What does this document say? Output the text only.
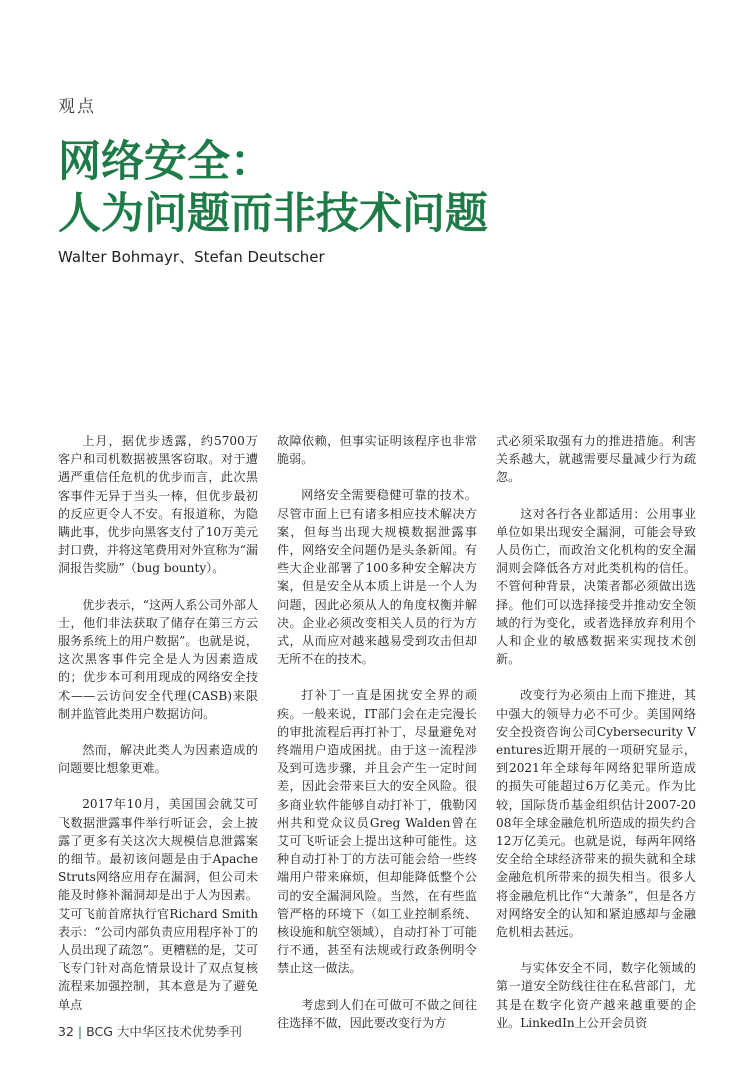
观点
网络安全：
人为问题而非技术问题
Walter Bohmayr、Stefan Deutscher

上月，据优步透露，约5700万客户和司机数据被黑客窃取。对于遭遇严重信任危机的优步而言，此次黑客事件无异于当头一棒，但优步最初的反应更令人不安。有报道称，为隐瞒此事，优步向黑客支付了10万美元封口费，并将这笔费用对外宣称为“漏洞报告奖励”（bug bounty）。

优步表示，“这两人系公司外部人士，他们非法获取了储存在第三方云服务系统上的用户数据”。也就是说，这次黑客事件完全是人为因素造成的；优步本可利用现成的网络安全技术——云访问安全代理(CASB)来限制并监管此类用户数据访问。

然而，解决此类人为因素造成的问题要比想象更难。

2017年10月，美国国会就艾可飞数据泄露事件举行听证会，会上披露了更多有关这次大规模信息泄露案的细节。最初该问题是由于Apache Struts网络应用存在漏洞，但公司未能及时修补漏洞却是出于人为因素。艾可飞前首席执行官Richard Smith表示：“公司内部负责应用程序补丁的人员出现了疏忽”。更糟糕的是，艾可飞专门针对高危情景设计了双点复核流程来加强控制，其本意是为了避免单点

故障依赖，但事实证明该程序也非常脆弱。

网络安全需要稳健可靠的技术。尽管市面上已有诸多相应技术解决方案，但每当出现大规模数据泄露事件，网络安全问题仍是头条新闻。有些大企业部署了100多种安全解决方案，但是安全从本质上讲是一个人为问题，因此必须从人的角度权衡并解决。企业必须改变相关人员的行为方式，从而应对越来越易受到攻击但却无所不在的技术。

打补丁一直是困扰安全界的顽疾。一般来说，IT部门会在走完漫长的审批流程后再打补丁，尽量避免对终端用户造成困扰。由于这一流程涉及到可选步骤，并且会产生一定时间差，因此会带来巨大的安全风险。很多商业软件能够自动打补丁，俄勒冈州共和党众议员Greg Walden曾在艾可飞听证会上提出这种可能性。这种自动打补丁的方法可能会给一些终端用户带来麻烦，但却能降低整个公司的安全漏洞风险。当然，在有些监管严格的环境下（如工业控制系统、核设施和航空领域），自动打补丁可能行不通，甚至有法规或行政条例明令禁止这一做法。

考虑到人们在可做可不做之间往往选择不做，因此要改变行为方

式必须采取强有力的推进措施。利害关系越大，就越需要尽量减少行为疏忽。

这对各行各业都适用：公用事业单位如果出现安全漏洞，可能会导致人员伤亡，而政治文化机构的安全漏洞则会降低各方对此类机构的信任。不管何种背景，决策者都必须做出选择。他们可以选择接受并推动安全领域的行为变化，或者选择放弃利用个人和企业的敏感数据来实现技术创新。

改变行为必须由上而下推进，其中强大的领导力必不可少。美国网络安全投资咨询公司Cybersecurity Ventures近期开展的一项研究显示，到2021年全球每年网络犯罪所造成的损失可能超过6万亿美元。作为比较，国际货币基金组织估计2007-2008年全球金融危机所造成的损失约合12万亿美元。也就是说，每两年网络安全给全球经济带来的损失就和全球金融危机所带来的损失相当。很多人将金融危机比作“大萧条”，但是各方对网络安全的认知和紧迫感却与金融危机相去甚远。

与实体安全不同，数字化领域的第一道安全防线往往在私营部门，尤其是在数字化资产越来越重要的企业。LinkedIn上公开会员资

32 | BCG 大中华区技术优势季刊
